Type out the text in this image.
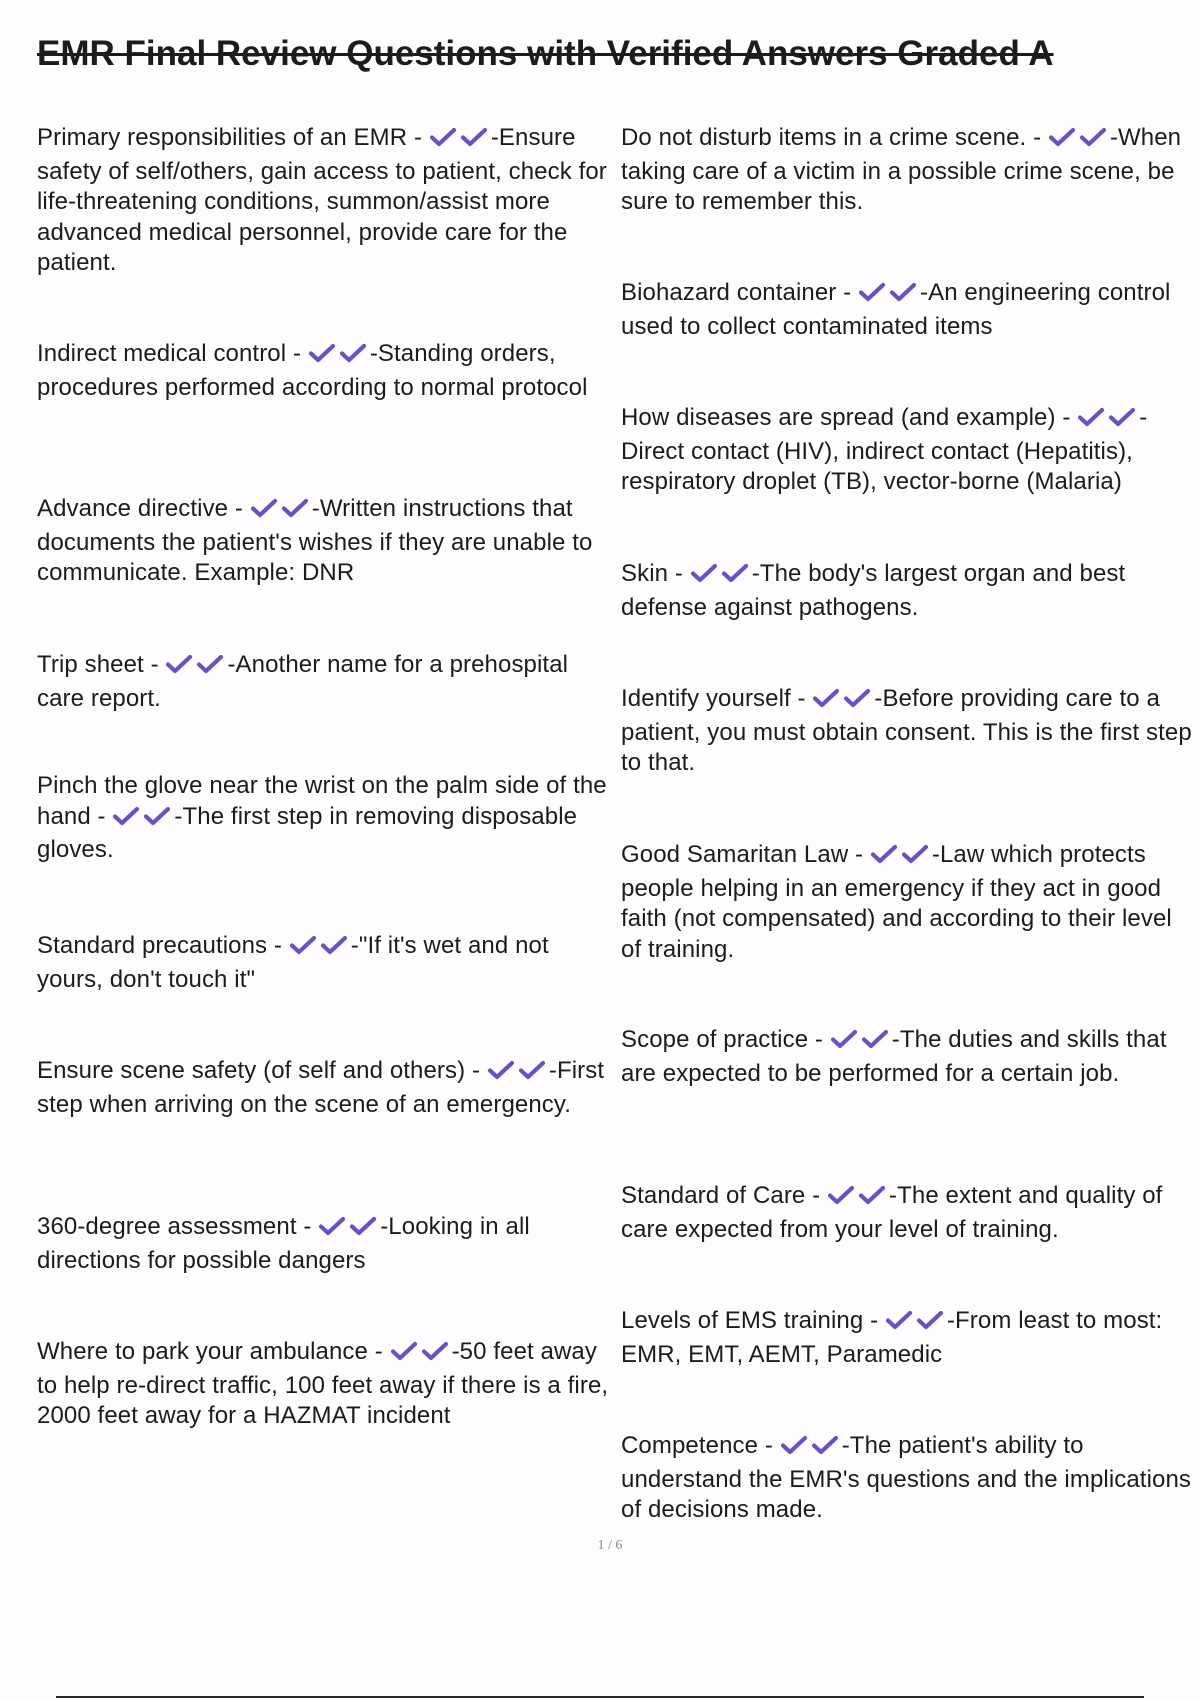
EMR Final Review Questions with Verified Answers Graded A

Primary responsibilities of an EMR -	-Ensure safety of self/others, gain access to patient, check for life-threatening conditions, summon/assist more advanced medical personnel, provide care for the patient.

Indirect medical control -	-Standing orders, procedures performed according to normal protocol

Advance directive -	-Written instructions that documents the patient's wishes if they are unable to communicate. Example: DNR

Trip sheet -	-Another name for a prehospital care report.

Pinch the glove near the wrist on the palm side of the hand -	-The first step in removing disposable gloves.

Standard precautions -	-"If it's wet and not yours, don't touch it"

Ensure scene safety (of self and others) -	-First step when arriving on the scene of an emergency.

360-degree assessment -	-Looking in all directions for possible dangers

Where to park your ambulance -	-50 feet away to help re-direct traffic, 100 feet away if there is a fire, 2000 feet away for a HAZMAT incident

Do not disturb items in a crime scene. -	-When taking care of a victim in a possible crime scene, be sure to remember this.

Biohazard container -	-An engineering control used to collect contaminated items

How diseases are spread (and example) -	-Direct contact (HIV), indirect contact (Hepatitis), respiratory droplet (TB), vector-borne (Malaria)

Skin -	-The body's largest organ and best defense against pathogens.

Identify yourself -	-Before providing care to a patient, you must obtain consent. This is the first step to that.

Good Samaritan Law -	-Law which protects people helping in an emergency if they act in good faith (not compensated) and according to their level of training.

Scope of practice -	-The duties and skills that are expected to be performed for a certain job.

Standard of Care -	-The extent and quality of care expected from your level of training.

Levels of EMS training -	-From least to most: EMR, EMT, AEMT, Paramedic

Competence -	-The patient's ability to understand the EMR's questions and the implications of decisions made.

1 / 6
